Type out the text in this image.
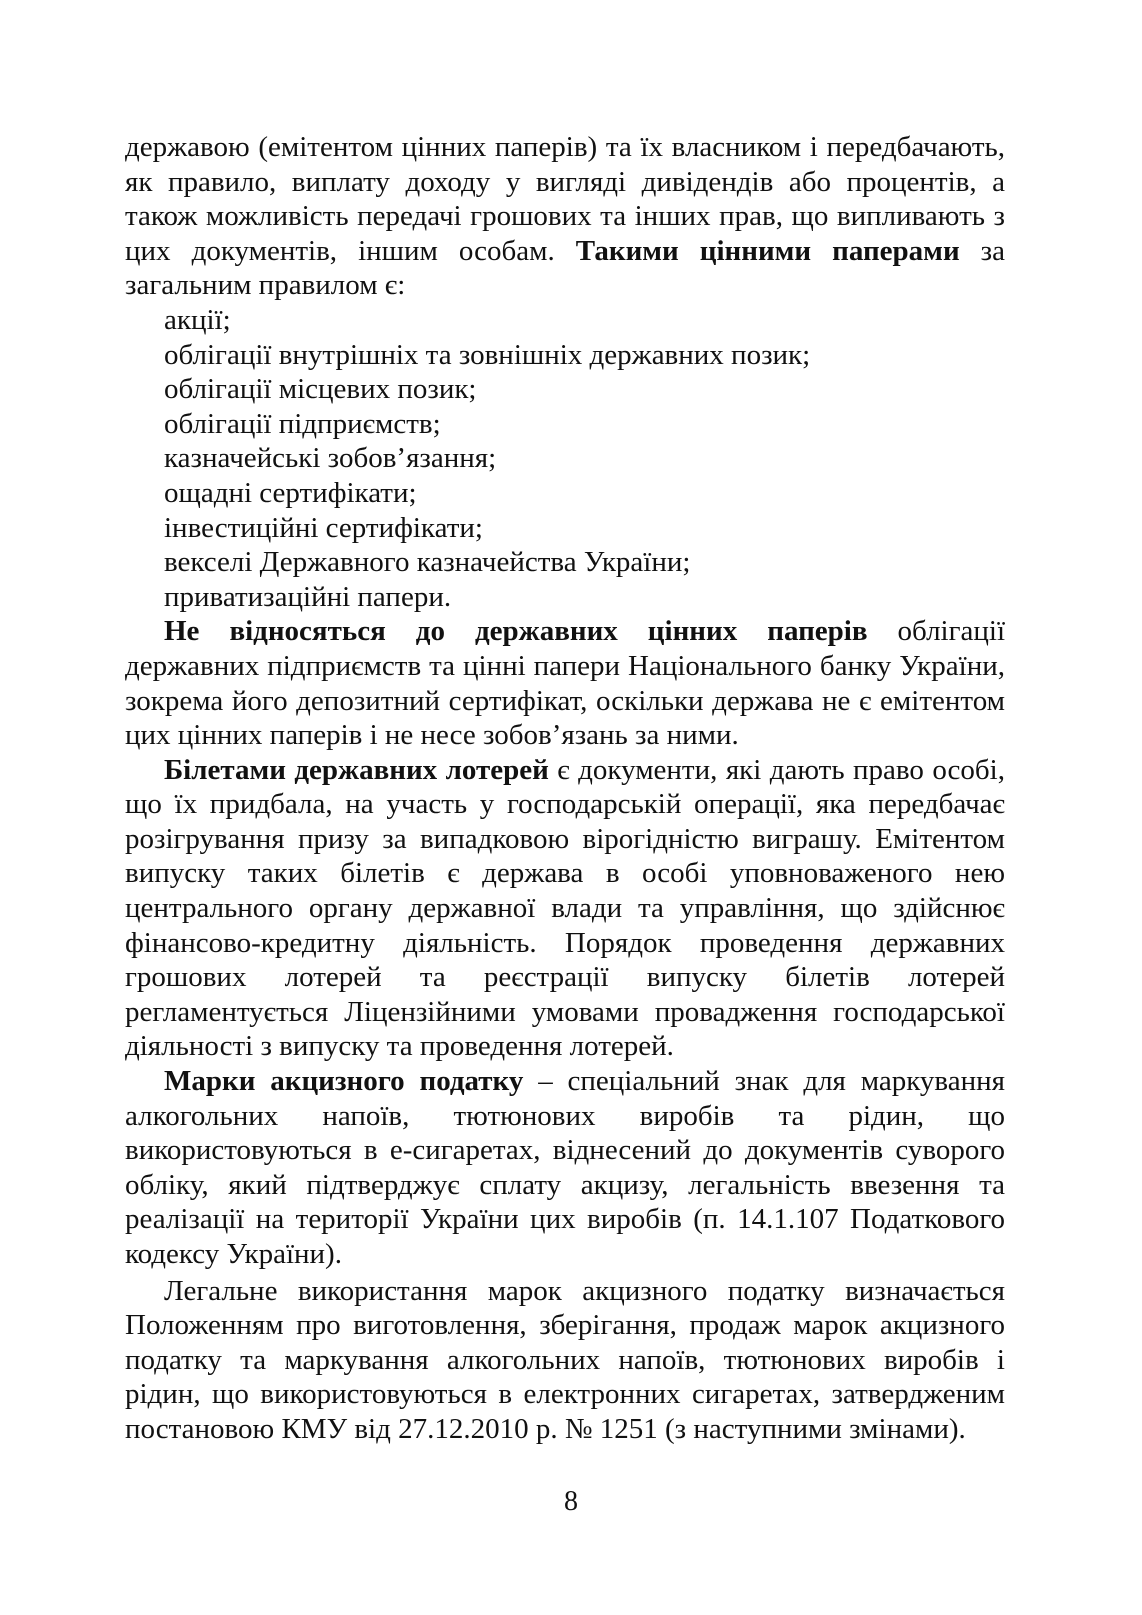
державою (емітентом цінних паперів) та їх власником і передбачають, як правило, виплату доходу у вигляді дивідендів або процентів, а також можливість передачі грошових та інших прав, що випливають з цих документів, іншим особам. Такими цінними паперами за загальним правилом є:

акції;
облігації внутрішніх та зовнішніх державних позик;
облігації місцевих позик;
облігації підприємств;
казначейські зобов’язання;
ощадні сертифікати;
інвестиційні сертифікати;
векселі Державного казначейства України;
приватизаційні папери.

Не відносяться до державних цінних паперів облігації державних підприємств та цінні папери Національного банку України, зокрема його депозитний сертифікат, оскільки держава не є емітентом цих цінних паперів і не несе зобов’язань за ними.

Білетами державних лотерей є документи, які дають право особі, що їх придбала, на участь у господарській операції, яка передбачає розігрування призу за випадковою вірогідністю виграшу. Емітентом випуску таких білетів є держава в особі уповноваженого нею центрального органу державної влади та управління, що здійснює фінансово-кредитну діяльність. Порядок проведення державних грошових лотерей та реєстрації випуску білетів лотерей регламентується Ліцензійними умовами провадження господарської діяльності з випуску та проведення лотерей.

Марки акцизного податку – спеціальний знак для маркування алкогольних напоїв, тютюнових виробів та рідин, що використовуються в е-сигаретах, віднесений до документів суворого обліку, який підтверджує сплату акцизу, легальність ввезення та реалізації на території України цих виробів (п. 14.1.107 Податкового кодексу України).

Легальне використання марок акцизного податку визначається Положенням про виготовлення, зберігання, продаж марок акцизного податку та маркування алкогольних напоїв, тютюнових виробів і рідин, що використовуються в електронних сигаретах, затвердженим постановою КМУ від 27.12.2010 р. № 1251 (з наступними змінами).

8
